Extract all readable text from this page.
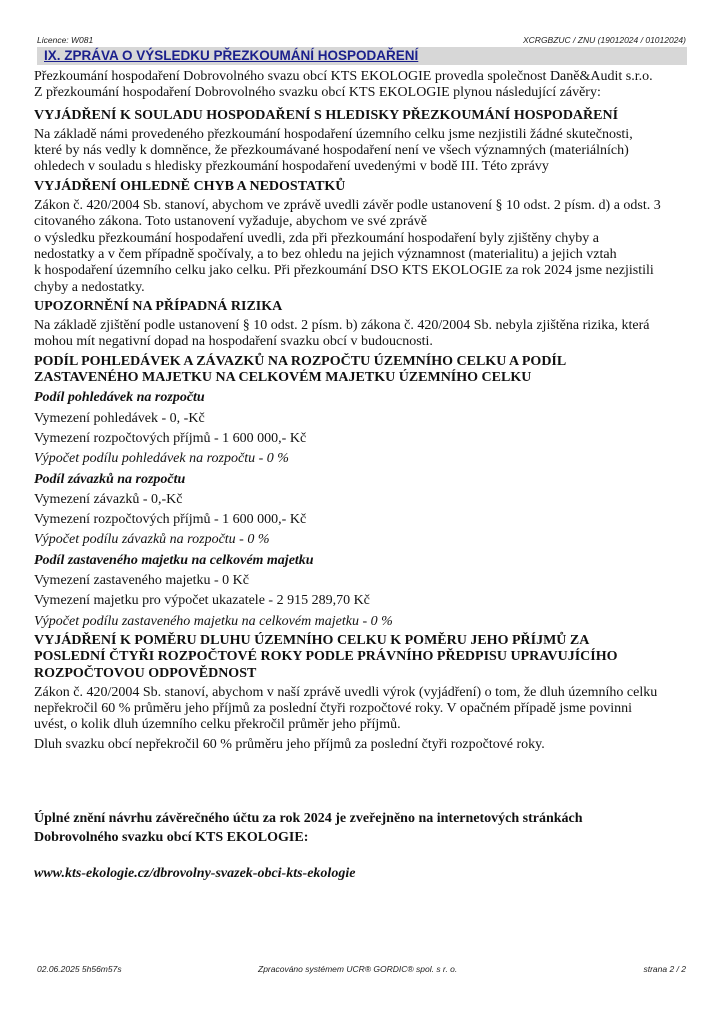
Licence: W081	XCRGBZUC / ZNU (19012024 / 01012024)
IX. ZPRÁVA O VÝSLEDKU PŘEZKOUMÁNÍ HOSPODAŘENÍ

Přezkoumání hospodaření Dobrovolného svazu obcí KTS EKOLOGIE provedla společnost Daně&Audit s.r.o.

Z přezkoumání hospodaření Dobrovolného svazku obcí KTS EKOLOGIE plynou následující závěry:

VYJÁDŘENÍ K SOULADU HOSPODAŘENÍ S HLEDISKY PŘEZKOUMÁNÍ HOSPODAŘENÍ

Na základě námi provedeného přezkoumání hospodaření územního celku jsme nezjistili žádné skutečnosti,

které by nás vedly k domněnce, že přezkoumávané hospodaření není ve všech významných (materiálních)

ohledech v souladu s hledisky přezkoumání hospodaření uvedenými v bodě III. Této zprávy

VYJÁDŘENÍ OHLEDNĚ CHYB A NEDOSTATKŮ

Zákon č. 420/2004 Sb. stanoví, abychom ve zprávě uvedli závěr podle ustanovení § 10 odst. 2 písm. d) a odst. 3

citovaného zákona. Toto ustanovení vyžaduje, abychom ve své zprávě

o výsledku přezkoumání hospodaření uvedli, zda při přezkoumání hospodaření byly zjištěny chyby a

nedostatky a v čem případně spočívaly, a to bez ohledu na jejich významnost (materialitu) a jejich vztah

k hospodaření územního celku jako celku. Při přezkoumání DSO KTS EKOLOGIE za rok 2024 jsme nezjistili

chyby a nedostatky.

UPOZORNĚNÍ NA PŘÍPADNÁ RIZIKA

Na základě zjištění podle ustanovení § 10 odst. 2 písm. b) zákona č. 420/2004 Sb. nebyla zjištěna rizika, která

mohou mít negativní dopad na hospodaření svazku obcí v budoucnosti.

PODÍL POHLEDÁVEK A ZÁVAZKŮ NA ROZPOČTU ÚZEMNÍHO CELKU A PODÍL

ZASTAVENÉHO MAJETKU NA CELKOVÉM MAJETKU ÚZEMNÍHO CELKU

Podíl pohledávek na rozpočtu

Vymezení pohledávek - 0, -Kč

Vymezení rozpočtových příjmů - 1 600 000,- Kč

Výpočet podílu pohledávek na rozpočtu - 0 %

Podíl závazků na rozpočtu

Vymezení závazků - 0,-Kč

Vymezení rozpočtových příjmů - 1 600 000,- Kč

Výpočet podílu závazků na rozpočtu - 0 %

Podíl zastaveného majetku na celkovém majetku

Vymezení zastaveného majetku - 0 Kč

Vymezení majetku pro výpočet ukazatele - 2 915 289,70 Kč

Výpočet podílu zastaveného majetku na celkovém majetku - 0 %

VYJÁDŘENÍ K POMĚRU DLUHU ÚZEMNÍHO CELKU K POMĚRU JEHO PŘÍJMŮ ZA

POSLEDNÍ ČTYŘI ROZPOČTOVÉ ROKY PODLE PRÁVNÍHO PŘEDPISU UPRAVUJÍCÍHO

ROZPOČTOVOU ODPOVĚDNOST

Zákon č. 420/2004 Sb. stanoví, abychom v naší zprávě uvedli výrok (vyjádření) o tom, že dluh územního celku

nepřekročil 60 % průměru jeho příjmů za poslední čtyři rozpočtové roky. V opačném případě jsme povinni

uvést, o kolik dluh územního celku překročil průměr jeho příjmů.

Dluh svazku obcí nepřekročil 60 % průměru jeho příjmů za poslední čtyři rozpočtové roky.

Úplné znění návrhu závěrečného účtu za rok 2024 je zveřejněno na internetových stránkách

Dobrovolného svazku obcí KTS EKOLOGIE:

www.kts-ekologie.cz/dbrovolny-svazek-obci-kts-ekologie

02.06.2025 5h56m57s	Zpracováno systémem UCR® GORDIC® spol. s r. o.	strana 2 / 2
